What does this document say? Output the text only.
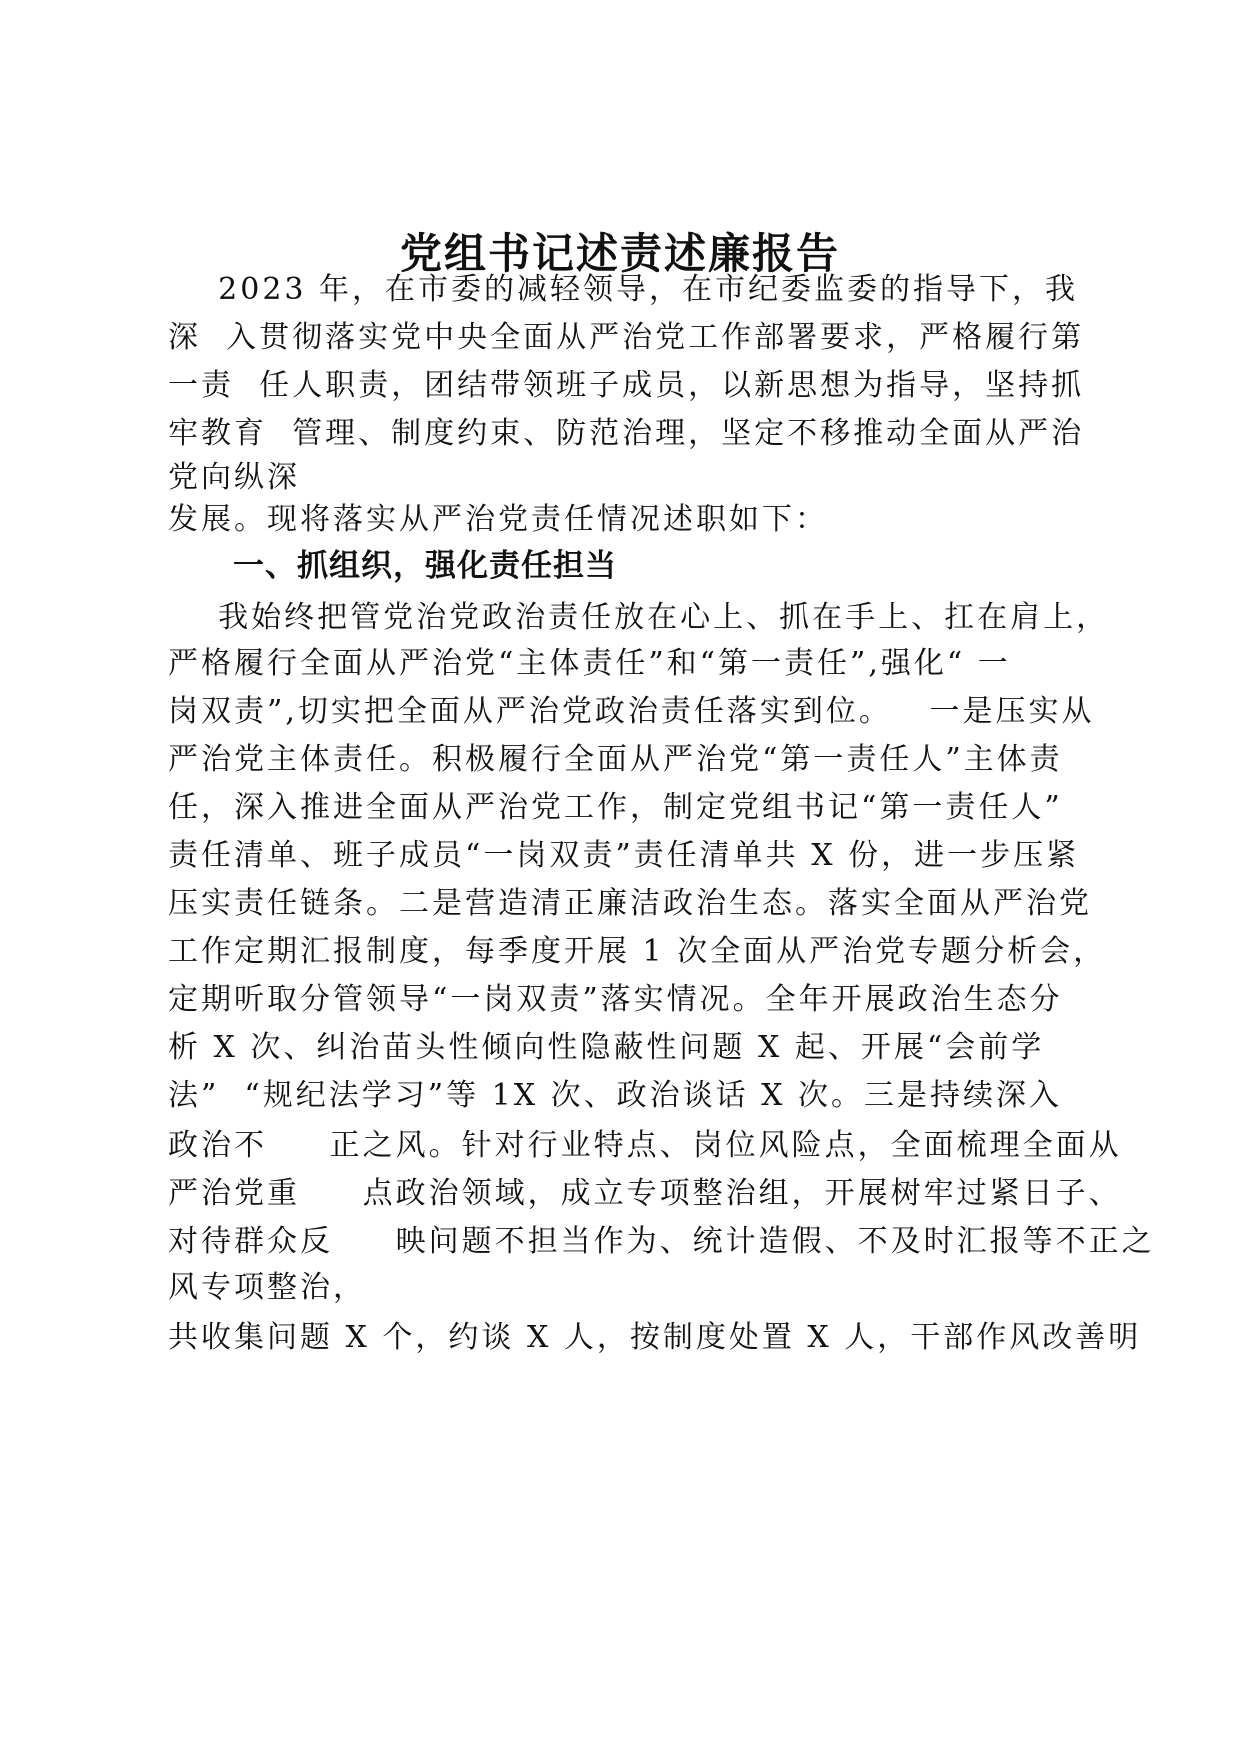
党组书记述责述廉报告
2023 年，在市委的减轻领导，在市纪委监委的指导下，我
深  入贯彻落实党中央全面从严治党工作部署要求，严格履行第
一责  任人职责，团结带领班子成员，以新思想为指导，坚持抓
牢教育  管理、制度约束、防范治理，坚定不移推动全面从严治
党向纵深
发展。现将落实从严治党责任情况述职如下：
一、抓组织，强化责任担当
我始终把管党治党政治责任放在心上、抓在手上、扛在肩上，
严格履行全面从严治党“主体责任”和“第一责任”,强化“ 一
岗双责”,切实把全面从严治党政治责任落实到位。   一是压实从
严治党主体责任。积极履行全面从严治党“第一责任人”主体责
任，深入推进全面从严治党工作，制定党组书记“第一责任人”
责任清单、班子成员“一岗双责”责任清单共 X 份，进一步压紧
压实责任链条。二是营造清正廉洁政治生态。落实全面从严治党
工作定期汇报制度，每季度开展 1 次全面从严治党专题分析会，
定期听取分管领导“一岗双责”落实情况。全年开展政治生态分
析 X 次、纠治苗头性倾向性隐蔽性问题 X 起、开展“会前学
法”  “规纪法学习”等 1X 次、政治谈话 X 次。三是持续深入
政治不     正之风。针对行业特点、岗位风险点，全面梳理全面从
严治党重     点政治领域，成立专项整治组，开展树牢过紧日子、
对待群众反     映问题不担当作为、统计造假、不及时汇报等不正之
风专项整治，
共收集问题 X 个，约谈 X 人，按制度处置 X 人，干部作风改善明
